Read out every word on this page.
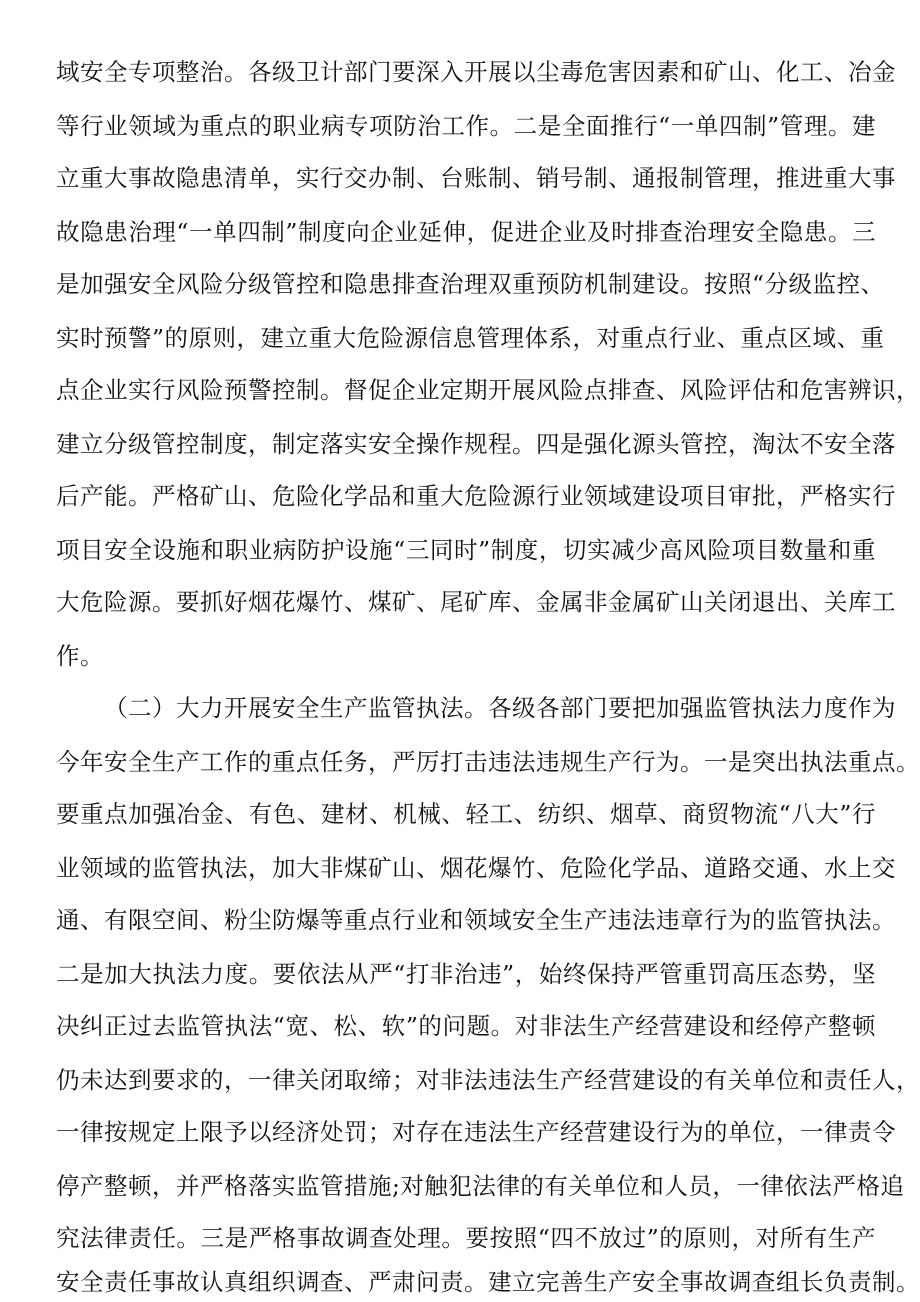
域安全专项整治。各级卫计部门要深入开展以尘毒危害因素和矿山、化工、冶金
等行业领域为重点的职业病专项防治工作。二是全面推行“一单四制”管理。建
立重大事故隐患清单，实行交办制、台账制、销号制、通报制管理，推进重大事
故隐患治理“一单四制”制度向企业延伸，促进企业及时排查治理安全隐患。三
是加强安全风险分级管控和隐患排查治理双重预防机制建设。按照“分级监控、
实时预警”的原则，建立重大危险源信息管理体系，对重点行业、重点区域、重
点企业实行风险预警控制。督促企业定期开展风险点排查、风险评估和危害辨识，
建立分级管控制度，制定落实安全操作规程。四是强化源头管控，淘汰不安全落
后产能。严格矿山、危险化学品和重大危险源行业领域建设项目审批，严格实行
项目安全设施和职业病防护设施“三同时”制度，切实减少高风险项目数量和重
大危险源。要抓好烟花爆竹、煤矿、尾矿库、金属非金属矿山关闭退出、关库工
作。
（二）大力开展安全生产监管执法。各级各部门要把加强监管执法力度作为
今年安全生产工作的重点任务，严厉打击违法违规生产行为。一是突出执法重点。
要重点加强冶金、有色、建材、机械、轻工、纺织、烟草、商贸物流“八大”行
业领域的监管执法，加大非煤矿山、烟花爆竹、危险化学品、道路交通、水上交
通、有限空间、粉尘防爆等重点行业和领域安全生产违法违章行为的监管执法。
二是加大执法力度。要依法从严“打非治违”，始终保持严管重罚高压态势，坚
决纠正过去监管执法“宽、松、软”的问题。对非法生产经营建设和经停产整顿
仍未达到要求的，一律关闭取缔；对非法违法生产经营建设的有关单位和责任人，
一律按规定上限予以经济处罚；对存在违法生产经营建设行为的单位，一律责令
停产整顿，并严格落实监管措施;对触犯法律的有关单位和人员，一律依法严格追
究法律责任。三是严格事故调查处理。要按照“四不放过”的原则，对所有生产
安全责任事故认真组织调查、严肃问责。建立完善生产安全事故调查组长负责制。
